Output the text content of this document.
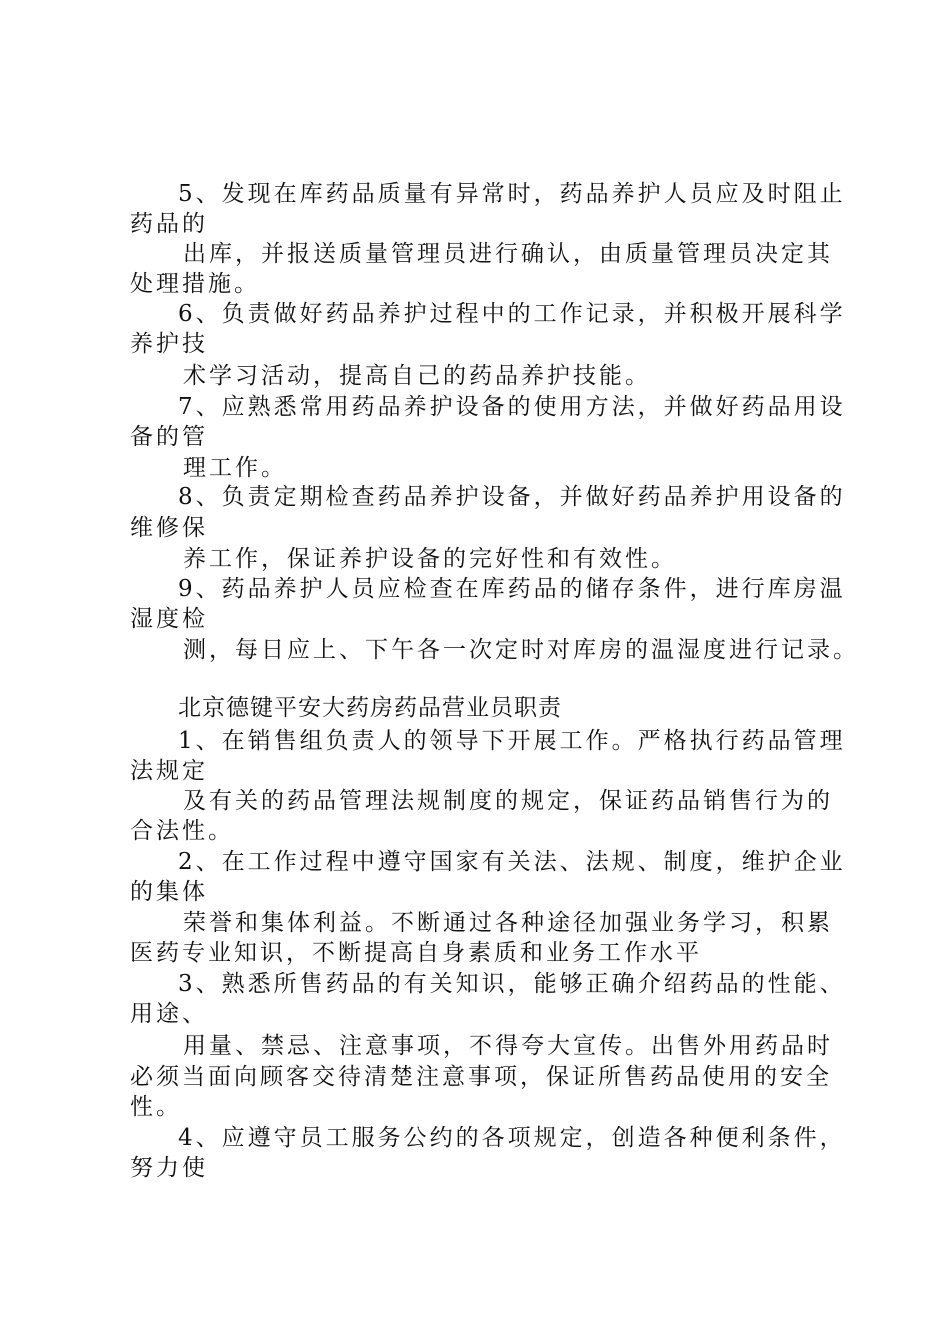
5、发现在库药品质量有异常时，药品养护人员应及时阻止
药品的
出库，并报送质量管理员进行确认，由质量管理员决定其
处理措施。
6、负责做好药品养护过程中的工作记录，并积极开展科学
养护技
术学习活动，提高自己的药品养护技能。
7、应熟悉常用药品养护设备的使用方法，并做好药品用设
备的管
理工作。
8、负责定期检查药品养护设备，并做好药品养护用设备的
维修保
养工作，保证养护设备的完好性和有效性。
9、药品养护人员应检查在库药品的储存条件，进行库房温
湿度检
测，每日应上、下午各一次定时对库房的温湿度进行记录。
北京德键平安大药房药品营业员职责
1、在销售组负责人的领导下开展工作。严格执行药品管理
法规定
及有关的药品管理法规制度的规定，保证药品销售行为的
合法性。
2、在工作过程中遵守国家有关法、法规、制度，维护企业
的集体
荣誉和集体利益。不断通过各种途径加强业务学习，积累
医药专业知识，不断提高自身素质和业务工作水平
3、熟悉所售药品的有关知识，能够正确介绍药品的性能、
用途、
用量、禁忌、注意事项，不得夸大宣传。出售外用药品时
必须当面向顾客交待清楚注意事项，保证所售药品使用的安全
性。
4、应遵守员工服务公约的各项规定，创造各种便利条件，
努力使
